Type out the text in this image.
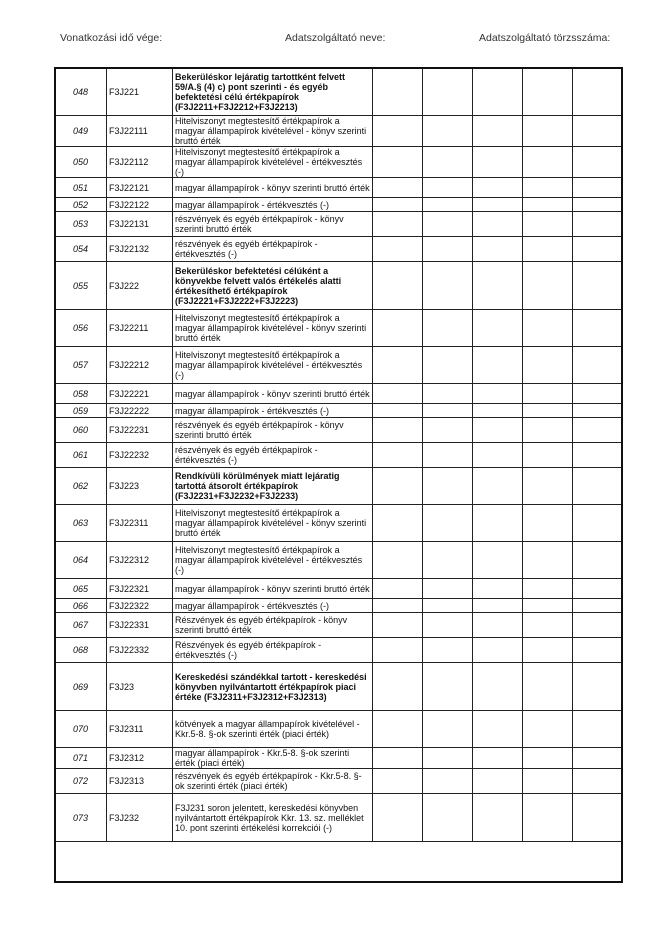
Vonatkozási idő vége:	Adatszolgáltató neve:	Adatszolgáltató törzsszáma:
048	F3J221	Bekerüléskor lejáratig tartottként felvett 59/A.§ (4) c) pont szerinti - és egyéb befektetési célú értékpapírok (F3J2211+F3J2212+F3J2213)					
049	F3J22111	Hitelviszonyt megtestesítő értékpapírok a magyar állampapírok kivételével - könyv szerinti bruttó érték					
050	F3J22112	Hitelviszonyt megtestesítő értékpapírok a magyar állampapírok kivételével - értékvesztés (-)					
051	F3J22121	magyar állampapírok - könyv szerinti bruttó érték					
052	F3J22122	magyar állampapírok - értékvesztés (-)					
053	F3J22131	részvények és egyéb értékpapírok - könyv szerinti bruttó érték					
054	F3J22132	részvények és egyéb értékpapírok - értékvesztés (-)					
055	F3J222	Bekerüléskor befektetési célúként a könyvekbe felvett valós értékelés alatti értékesíthető értékpapírok (F3J2221+F3J2222+F3J2223)					
056	F3J22211	Hitelviszonyt megtestesítő értékpapírok a magyar állampapírok kivételével - könyv szerinti bruttó érték					
057	F3J22212	Hitelviszonyt megtestesítő értékpapírok a magyar állampapírok kivételével - értékvesztés (-)					
058	F3J22221	magyar állampapírok - könyv szerinti bruttó érték					
059	F3J22222	magyar állampapírok - értékvesztés (-)					
060	F3J22231	részvények és egyéb értékpapírok - könyv szerinti bruttó érték					
061	F3J22232	részvények és egyéb értékpapírok - értékvesztés (-)					
062	F3J223	Rendkívüli körülmények miatt lejáratig tartottá átsorolt értékpapírok (F3J2231+F3J2232+F3J2233)					
063	F3J22311	Hitelviszonyt megtestesítő értékpapírok a magyar állampapírok kivételével - könyv szerinti bruttó érték					
064	F3J22312	Hitelviszonyt megtestesítő értékpapírok a magyar állampapírok kivételével - értékvesztés (-)					
065	F3J22321	magyar állampapírok - könyv szerinti bruttó érték					
066	F3J22322	magyar állampapírok - értékvesztés (-)					
067	F3J22331	Részvények és egyéb értékpapírok - könyv szerinti bruttó érték					
068	F3J22332	Részvények és egyéb értékpapírok - értékvesztés (-)					
069	F3J23	Kereskedési szándékkal tartott - kereskedési könyvben nyilvántartott értékpapírok piaci értéke (F3J2311+F3J2312+F3J2313)					
070	F3J2311	kötvények a magyar állampapírok kivételével - Kkr.5-8. §-ok szerinti érték (piaci érték)					
071	F3J2312	magyar állampapírok - Kkr.5-8. §-ok szerinti érték (piaci érték)					
072	F3J2313	részvények és egyéb értékpapírok - Kkr.5-8. §-ok szerinti érték (piaci érték)					
073	F3J232	F3J231 soron jelentett, kereskedési könyvben nyilvántartott értékpapírok Kkr. 13. sz. melléklet 10. pont szerinti értékelési korrekciói (-)					
